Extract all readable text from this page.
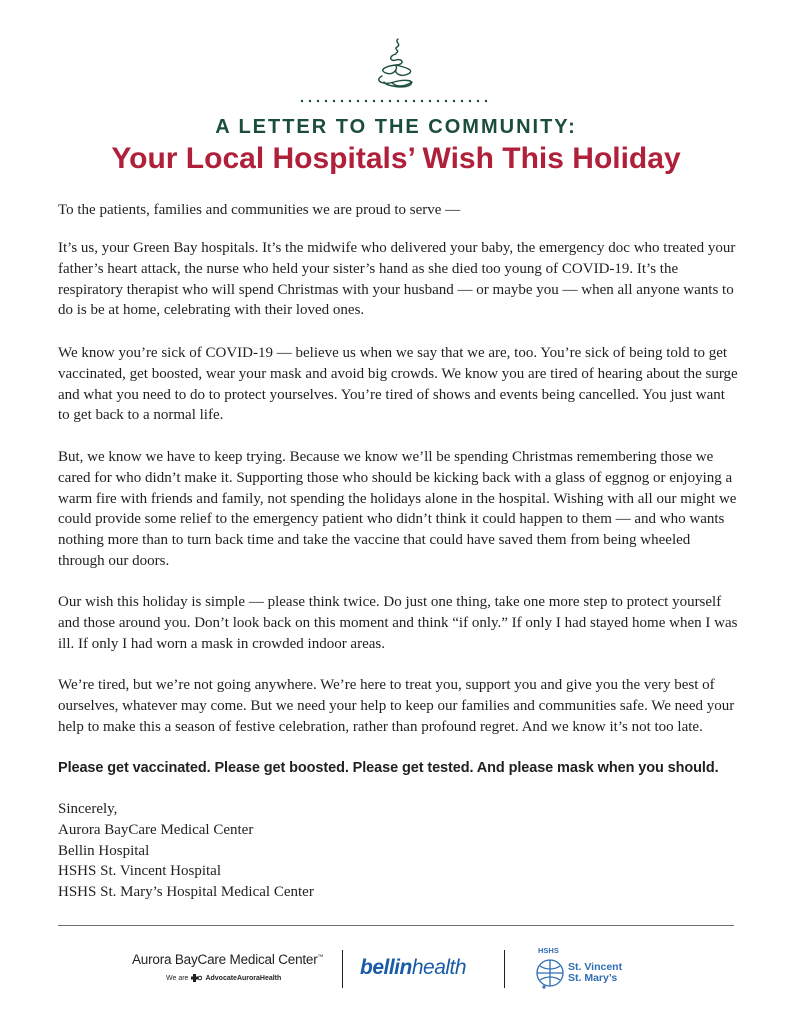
A LETTER TO THE COMMUNITY:
Your Local Hospitals’ Wish This Holiday

To the patients, families and communities we are proud to serve —

It’s us, your Green Bay hospitals. It’s the midwife who delivered your baby, the emergency doc who treated your father’s heart attack, the nurse who held your sister’s hand as she died too young of COVID-19. It’s the respiratory therapist who will spend Christmas with your husband — or maybe you — when all anyone wants to do is be at home, celebrating with their loved ones.

We know you’re sick of COVID-19 — believe us when we say that we are, too. You’re sick of being told to get vaccinated, get boosted, wear your mask and avoid big crowds. We know you are tired of hearing about the surge and what you need to do to protect yourselves. You’re tired of shows and events being cancelled. You just want to get back to a normal life.

But, we know we have to keep trying. Because we know we’ll be spending Christmas remembering those we cared for who didn’t make it. Supporting those who should be kicking back with a glass of eggnog or enjoying a warm fire with friends and family, not spending the holidays alone in the hospital. Wishing with all our might we could provide some relief to the emergency patient who didn’t think it could happen to them — and who wants nothing more than to turn back time and take the vaccine that could have saved them from being wheeled through our doors.

Our wish this holiday is simple — please think twice. Do just one thing, take one more step to protect yourself and those around you. Don’t look back on this moment and think “if only.” If only I had stayed home when I was ill. If only I had worn a mask in crowded indoor areas.

We’re tired, but we’re not going anywhere. We’re here to treat you, support you and give you the very best of ourselves, whatever may come. But we need your help to keep our families and communities safe. We need your help to make this a season of festive celebration, rather than profound regret. And we know it’s not too late.

Please get vaccinated. Please get boosted. Please get tested. And please mask when you should.

Sincerely,
Aurora BayCare Medical Center
Bellin Hospital
HSHS St. Vincent Hospital
HSHS St. Mary’s Hospital Medical Center
Aurora BayCare Medical Center™
We are AdvocateAuroraHealth	bellinhealth
HSHS
St. Vincent
St. Mary’s
